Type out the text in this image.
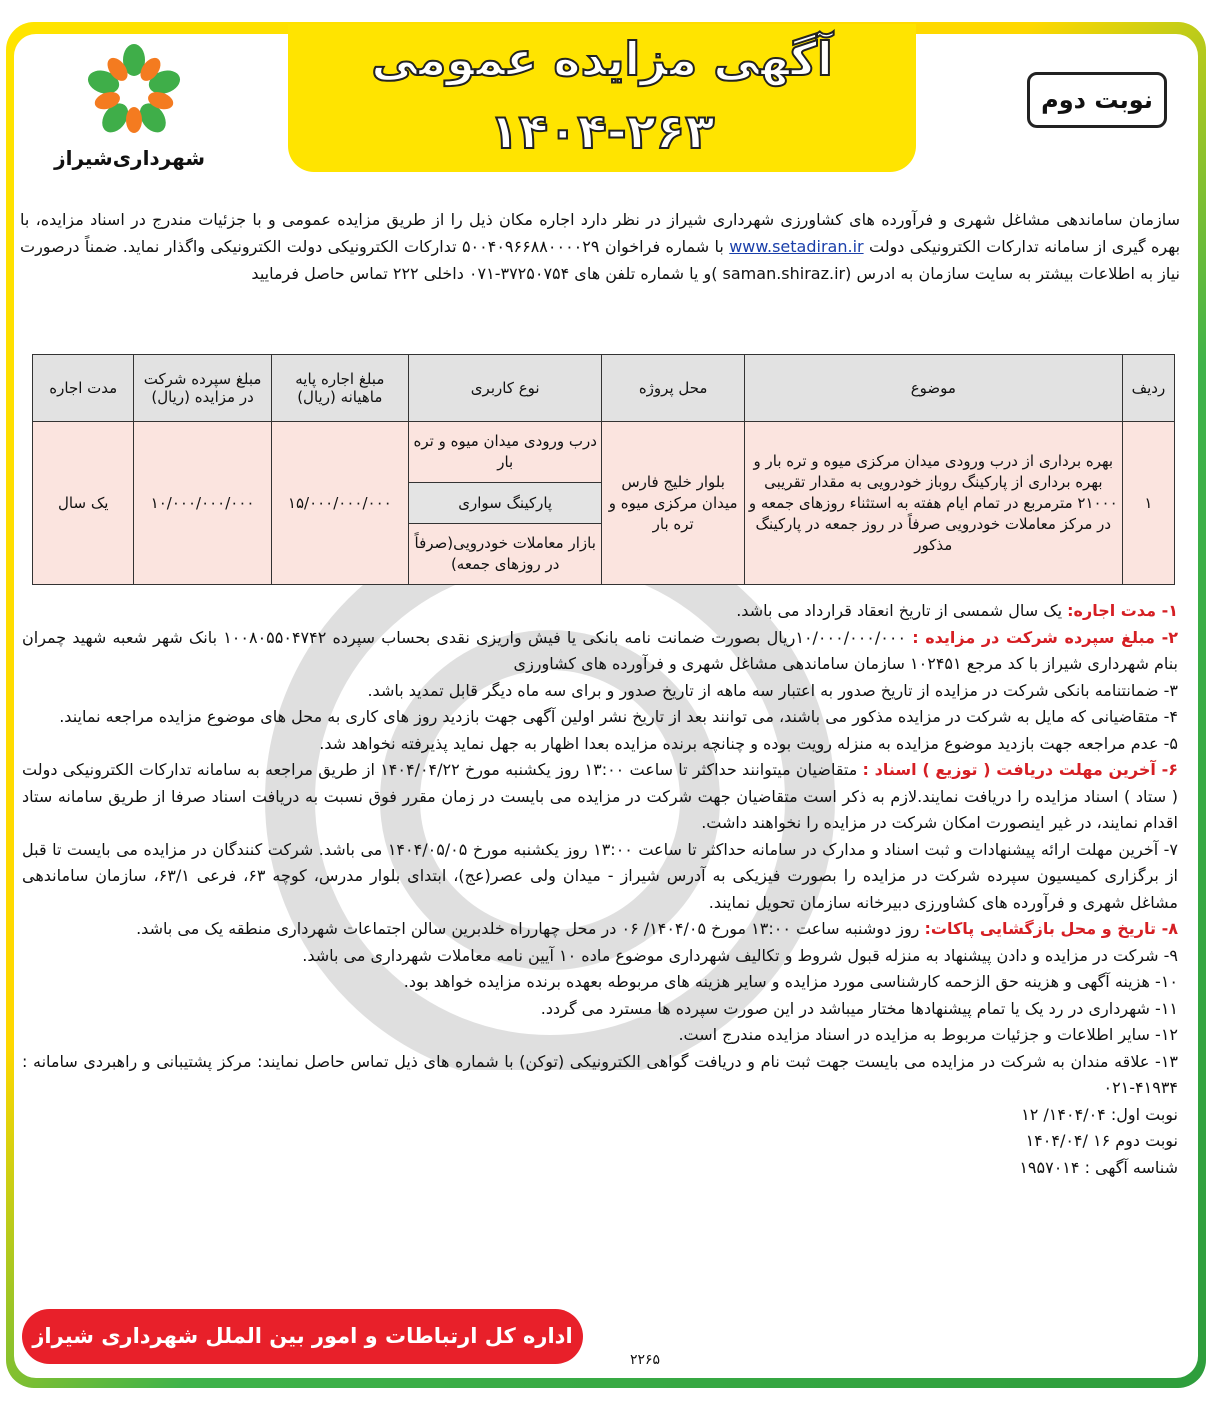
آگهی مزایده عمومی
۱۴۰۴-۲۶۳
نوبت دوم
شهرداری‌شیراز
سازمان ساماندهی مشاغل شهری و فرآورده های کشاورزی شهرداری شیراز در نظر دارد اجاره مکان ذیل را از طریق مزایده عمومی و با جزئیات مندرج در اسناد مزایده، با بهره گیری از سامانه تدارکات الکترونیکی دولت www.setadiran.ir با شماره فراخوان ۵۰۰۴۰۹۶۶۸۸۰۰۰۰۲۹ تدارکات الکترونیکی دولت الکترونیکی واگذار نماید. ضمناً درصورت نیاز به اطلاعات بیشتر به سایت سازمان به ادرس (saman.shiraz.ir )و یا شماره تلفن های ۳۷۲۵۰۷۵۴-۰۷۱ داخلی ۲۲۲ تماس حاصل فرمایید
ردیف	موضوع	محل پروژه	نوع کاربری	مبلغ اجاره پایه ماهیانه (ریال)	مبلغ سپرده شرکت در مزایده (ریال)	مدت اجاره
۱	بهره برداری از درب ورودی میدان مرکزی میوه و تره بار و بهره برداری از پارکینگ روباز خودرویی به مقدار تقریبی ۲۱۰۰۰ مترمربع در تمام ایام هفته به استثناء روزهای جمعه و در مرکز معاملات خودرویی صرفاً در روز جمعه در پارکینگ مذکور	بلوار خلیج فارس میدان مرکزی میوه و تره بار	درب ورودی میدان میوه و تره بار	۱۵/۰۰۰/۰۰۰/۰۰۰	۱۰/۰۰۰/۰۰۰/۰۰۰	یک سال
			پارکینگ سواری			
			بازار معاملات خودرویی(صرفاً در روزهای جمعه)			

۱- مدت اجاره: یک سال شمسی از تاریخ انعقاد قرارداد می باشد.

۲- مبلغ سپرده شرکت در مزایده : ۱۰/۰۰۰/۰۰۰/۰۰۰ریال بصورت ضمانت نامه بانکی یا فیش واریزی نقدی بحساب سپرده ۱۰۰۸۰۵۵۰۴۷۴۲ بانک شهر شعبه شهید چمران بنام شهرداری شیراز با کد مرجع ۱۰۲۴۵۱ سازمان ساماندهی مشاغل شهری و فرآورده های کشاورزی

۳- ضمانتنامه بانکی شرکت در مزایده از تاریخ صدور به اعتبار سه ماهه از تاریخ صدور و برای سه ماه دیگر قابل تمدید باشد.

۴- متقاضیانی که مایل به شرکت در مزایده مذکور می باشند، می توانند بعد از تاریخ نشر اولین آگهی جهت بازدید روز های کاری به محل های موضوع مزایده مراجعه نمایند.

۵- عدم مراجعه جهت بازدید موضوع مزایده به منزله رویت بوده و چنانچه برنده مزایده بعدا اظهار به جهل نماید پذیرفته نخواهد شد.

۶- آخرین مهلت دریافت ( توزیع ) اسناد : متقاضیان میتوانند حداکثر تا ساعت ۱۳:۰۰ روز یکشنبه مورخ ۱۴۰۴/۰۴/۲۲ از طریق مراجعه به سامانه تدارکات الکترونیکی دولت ( ستاد ) اسناد مزایده را دریافت نمایند.لازم به ذکر است متقاضیان جهت شرکت در مزایده می بایست در زمان مقرر فوق نسبت به دریافت اسناد صرفا از طریق سامانه ستاد اقدام نمایند، در غیر اینصورت امکان شرکت در مزایده را نخواهند داشت.

۷- آخرین مهلت ارائه پیشنهادات و ثبت اسناد و مدارک در سامانه حداکثر تا ساعت ۱۳:۰۰ روز یکشنبه مورخ ۱۴۰۴/۰۵/۰۵ می باشد. شرکت کنندگان در مزایده می بایست تا قبل از برگزاری کمیسیون سپرده شرکت در مزایده را بصورت فیزیکی به آدرس شیراز - میدان ولی عصر(عج)، ابتدای بلوار مدرس، کوچه ۶۳، فرعی ۶۳/۱، سازمان ساماندهی مشاغل شهری و فرآورده های کشاورزی دبیرخانه سازمان تحویل نمایند.

۸- تاریخ و محل بازگشایی پاکات: روز دوشنبه ساعت ۱۳:۰۰ مورخ ۱۴۰۴/۰۵/ ۰۶ در محل چهارراه خلدبرین سالن اجتماعات شهرداری منطقه یک می باشد.

۹- شرکت در مزایده و دادن پیشنهاد به منزله قبول شروط و تکالیف شهرداری موضوع ماده ۱۰ آیین نامه معاملات شهرداری می باشد.

۱۰- هزینه آگهی و هزینه حق الزحمه کارشناسی مورد مزایده و سایر هزینه های مربوطه بعهده برنده مزایده خواهد بود.

۱۱- شهرداری در رد یک یا تمام پیشنهادها مختار میباشد در این صورت سپرده ها مسترد می گردد.

۱۲- سایر اطلاعات و جزئیات مربوط به مزایده در اسناد مزایده مندرج است.

۱۳- علاقه مندان به شرکت در مزایده می بایست جهت ثبت نام و دریافت گواهی الکترونیکی (توکن) با شماره های ذیل تماس حاصل نمایند: مرکز پشتیبانی و راهبردی سامانه : ۴۱۹۳۴-۰۲۱

نوبت اول: ۱۴۰۴/۰۴/ ۱۲

نوبت دوم ۱۶ /۱۴۰۴/۰۴

شناسه آگهی : ۱۹۵۷۰۱۴

اداره کل ارتباطات و امور بین الملل شهرداری شیراز
۲۲۶۵
